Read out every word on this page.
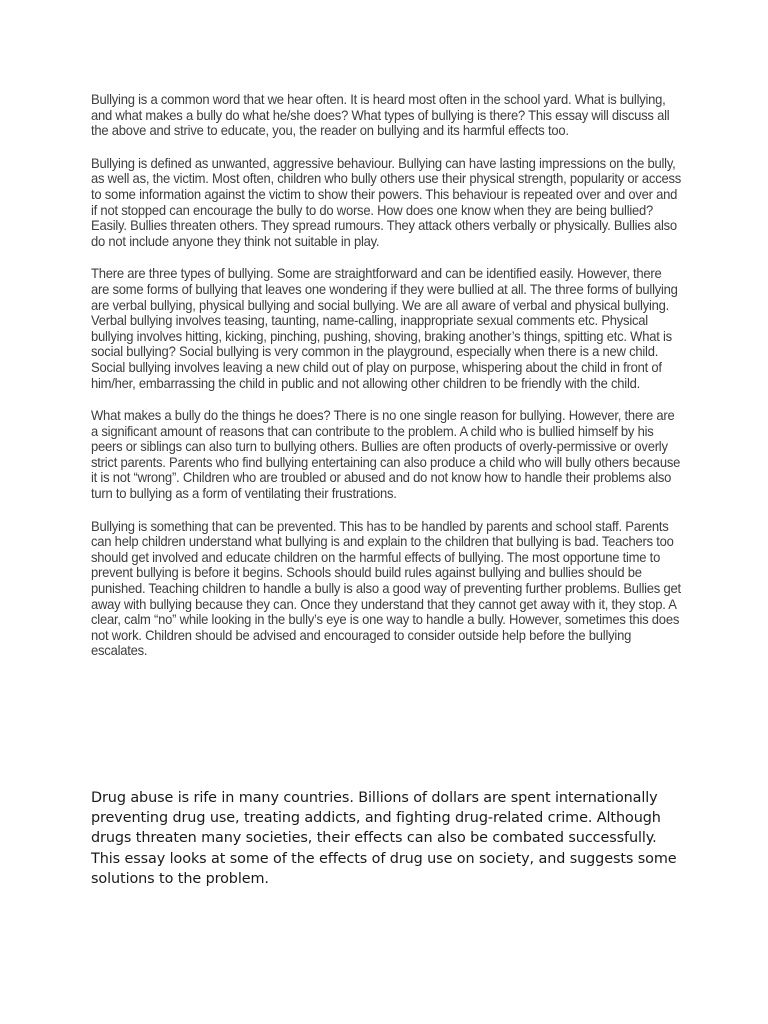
Bullying is a common word that we hear often. It is heard most often in the school yard. What is bullying, and what makes a bully do what he/she does? What types of bullying is there? This essay will discuss all the above and strive to educate, you, the reader on bullying and its harmful effects too.

Bullying is defined as unwanted, aggressive behaviour. Bullying can have lasting impressions on the bully, as well as, the victim. Most often, children who bully others use their physical strength, popularity or access to some information against the victim to show their powers. This behaviour is repeated over and over and if not stopped can encourage the bully to do worse. How does one know when they are being bullied? Easily. Bullies threaten others. They spread rumours. They attack others verbally or physically. Bullies also do not include anyone they think not suitable in play.

There are three types of bullying. Some are straightforward and can be identified easily. However, there are some forms of bullying that leaves one wondering if they were bullied at all. The three forms of bullying are verbal bullying, physical bullying and social bullying. We are all aware of verbal and physical bullying. Verbal bullying involves teasing, taunting, name-calling, inappropriate sexual comments etc. Physical bullying involves hitting, kicking, pinching, pushing, shoving, braking another’s things, spitting etc. What is social bullying? Social bullying is very common in the playground, especially when there is a new child. Social bullying involves leaving a new child out of play on purpose, whispering about the child in front of him/her, embarrassing the child in public and not allowing other children to be friendly with the child.

What makes a bully do the things he does? There is no one single reason for bullying. However, there are a significant amount of reasons that can contribute to the problem. A child who is bullied himself by his peers or siblings can also turn to bullying others. Bullies are often products of overly-permissive or overly strict parents. Parents who find bullying entertaining can also produce a child who will bully others because it is not “wrong”. Children who are troubled or abused and do not know how to handle their problems also turn to bullying as a form of ventilating their frustrations.

Bullying is something that can be prevented. This has to be handled by parents and school staff. Parents can help children understand what bullying is and explain to the children that bullying is bad. Teachers too should get involved and educate children on the harmful effects of bullying. The most opportune time to prevent bullying is before it begins. Schools should build rules against bullying and bullies should be punished. Teaching children to handle a bully is also a good way of preventing further problems. Bullies get away with bullying because they can. Once they understand that they cannot get away with it, they stop. A clear, calm “no” while looking in the bully’s eye is one way to handle a bully. However, sometimes this does not work. Children should be advised and encouraged to consider outside help before the bullying escalates.

Drug abuse is rife in many countries. Billions of dollars are spent internationally preventing drug use, treating addicts, and fighting drug-related crime. Although drugs threaten many societies, their effects can also be combated successfully. This essay looks at some of the effects of drug use on society, and suggests some solutions to the problem.
